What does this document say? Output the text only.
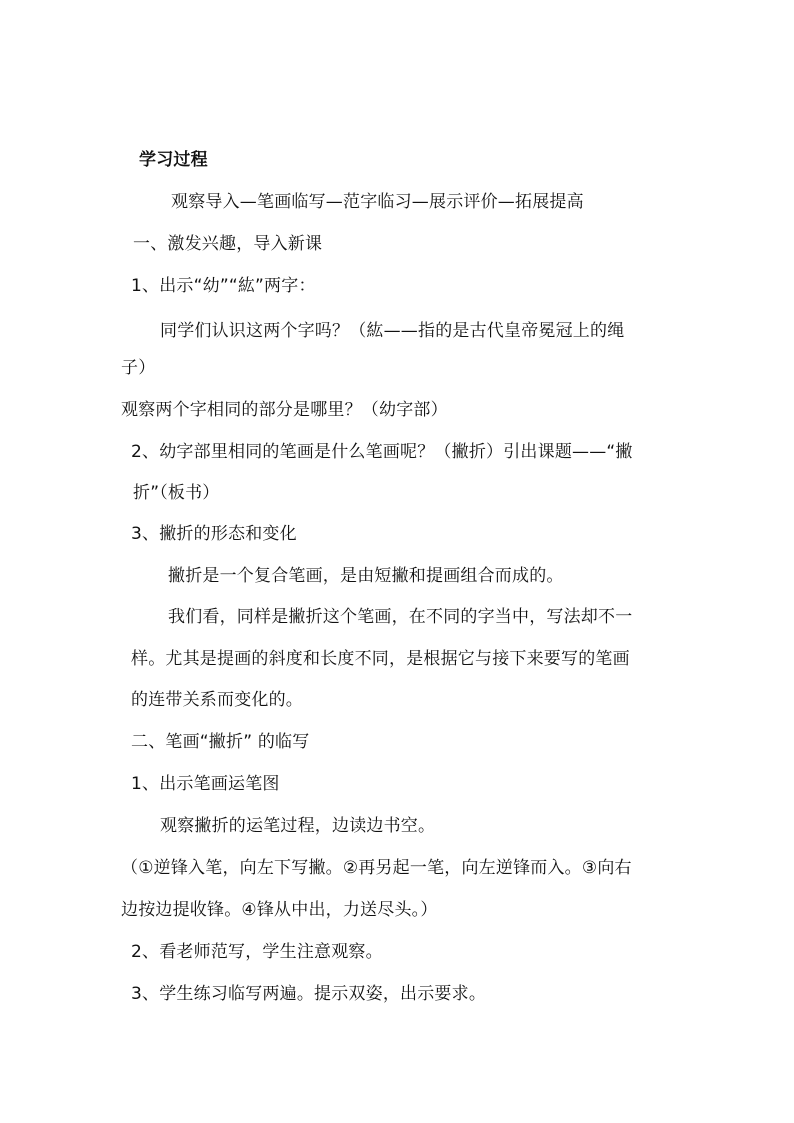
学习过程
观察导入—笔画临写—范字临习—展示评价—拓展提高
一、激发兴趣，导入新课
1、出示“幼”“紘”两字：
同学们认识这两个字吗？（紘——指的是古代皇帝冕冠上的绳
子）
观察两个字相同的部分是哪里？（幼字部）
2、幼字部里相同的笔画是什么笔画呢？（撇折）引出课题——“撇
折”（板书）
3、撇折的形态和变化
撇折是一个复合笔画，是由短撇和提画组合而成的。
我们看，同样是撇折这个笔画，在不同的字当中，写法却不一
样。尤其是提画的斜度和长度不同，是根据它与接下来要写的笔画
的连带关系而变化的。
二、笔画“撇折” 的临写
1、出示笔画运笔图
观察撇折的运笔过程，边读边书空。
（①逆锋入笔，向左下写撇。②再另起一笔，向左逆锋而入。③向右
边按边提收锋。④锋从中出，力送尽头。）
2、看老师范写，学生注意观察。
3、学生练习临写两遍。提示双姿，出示要求。
